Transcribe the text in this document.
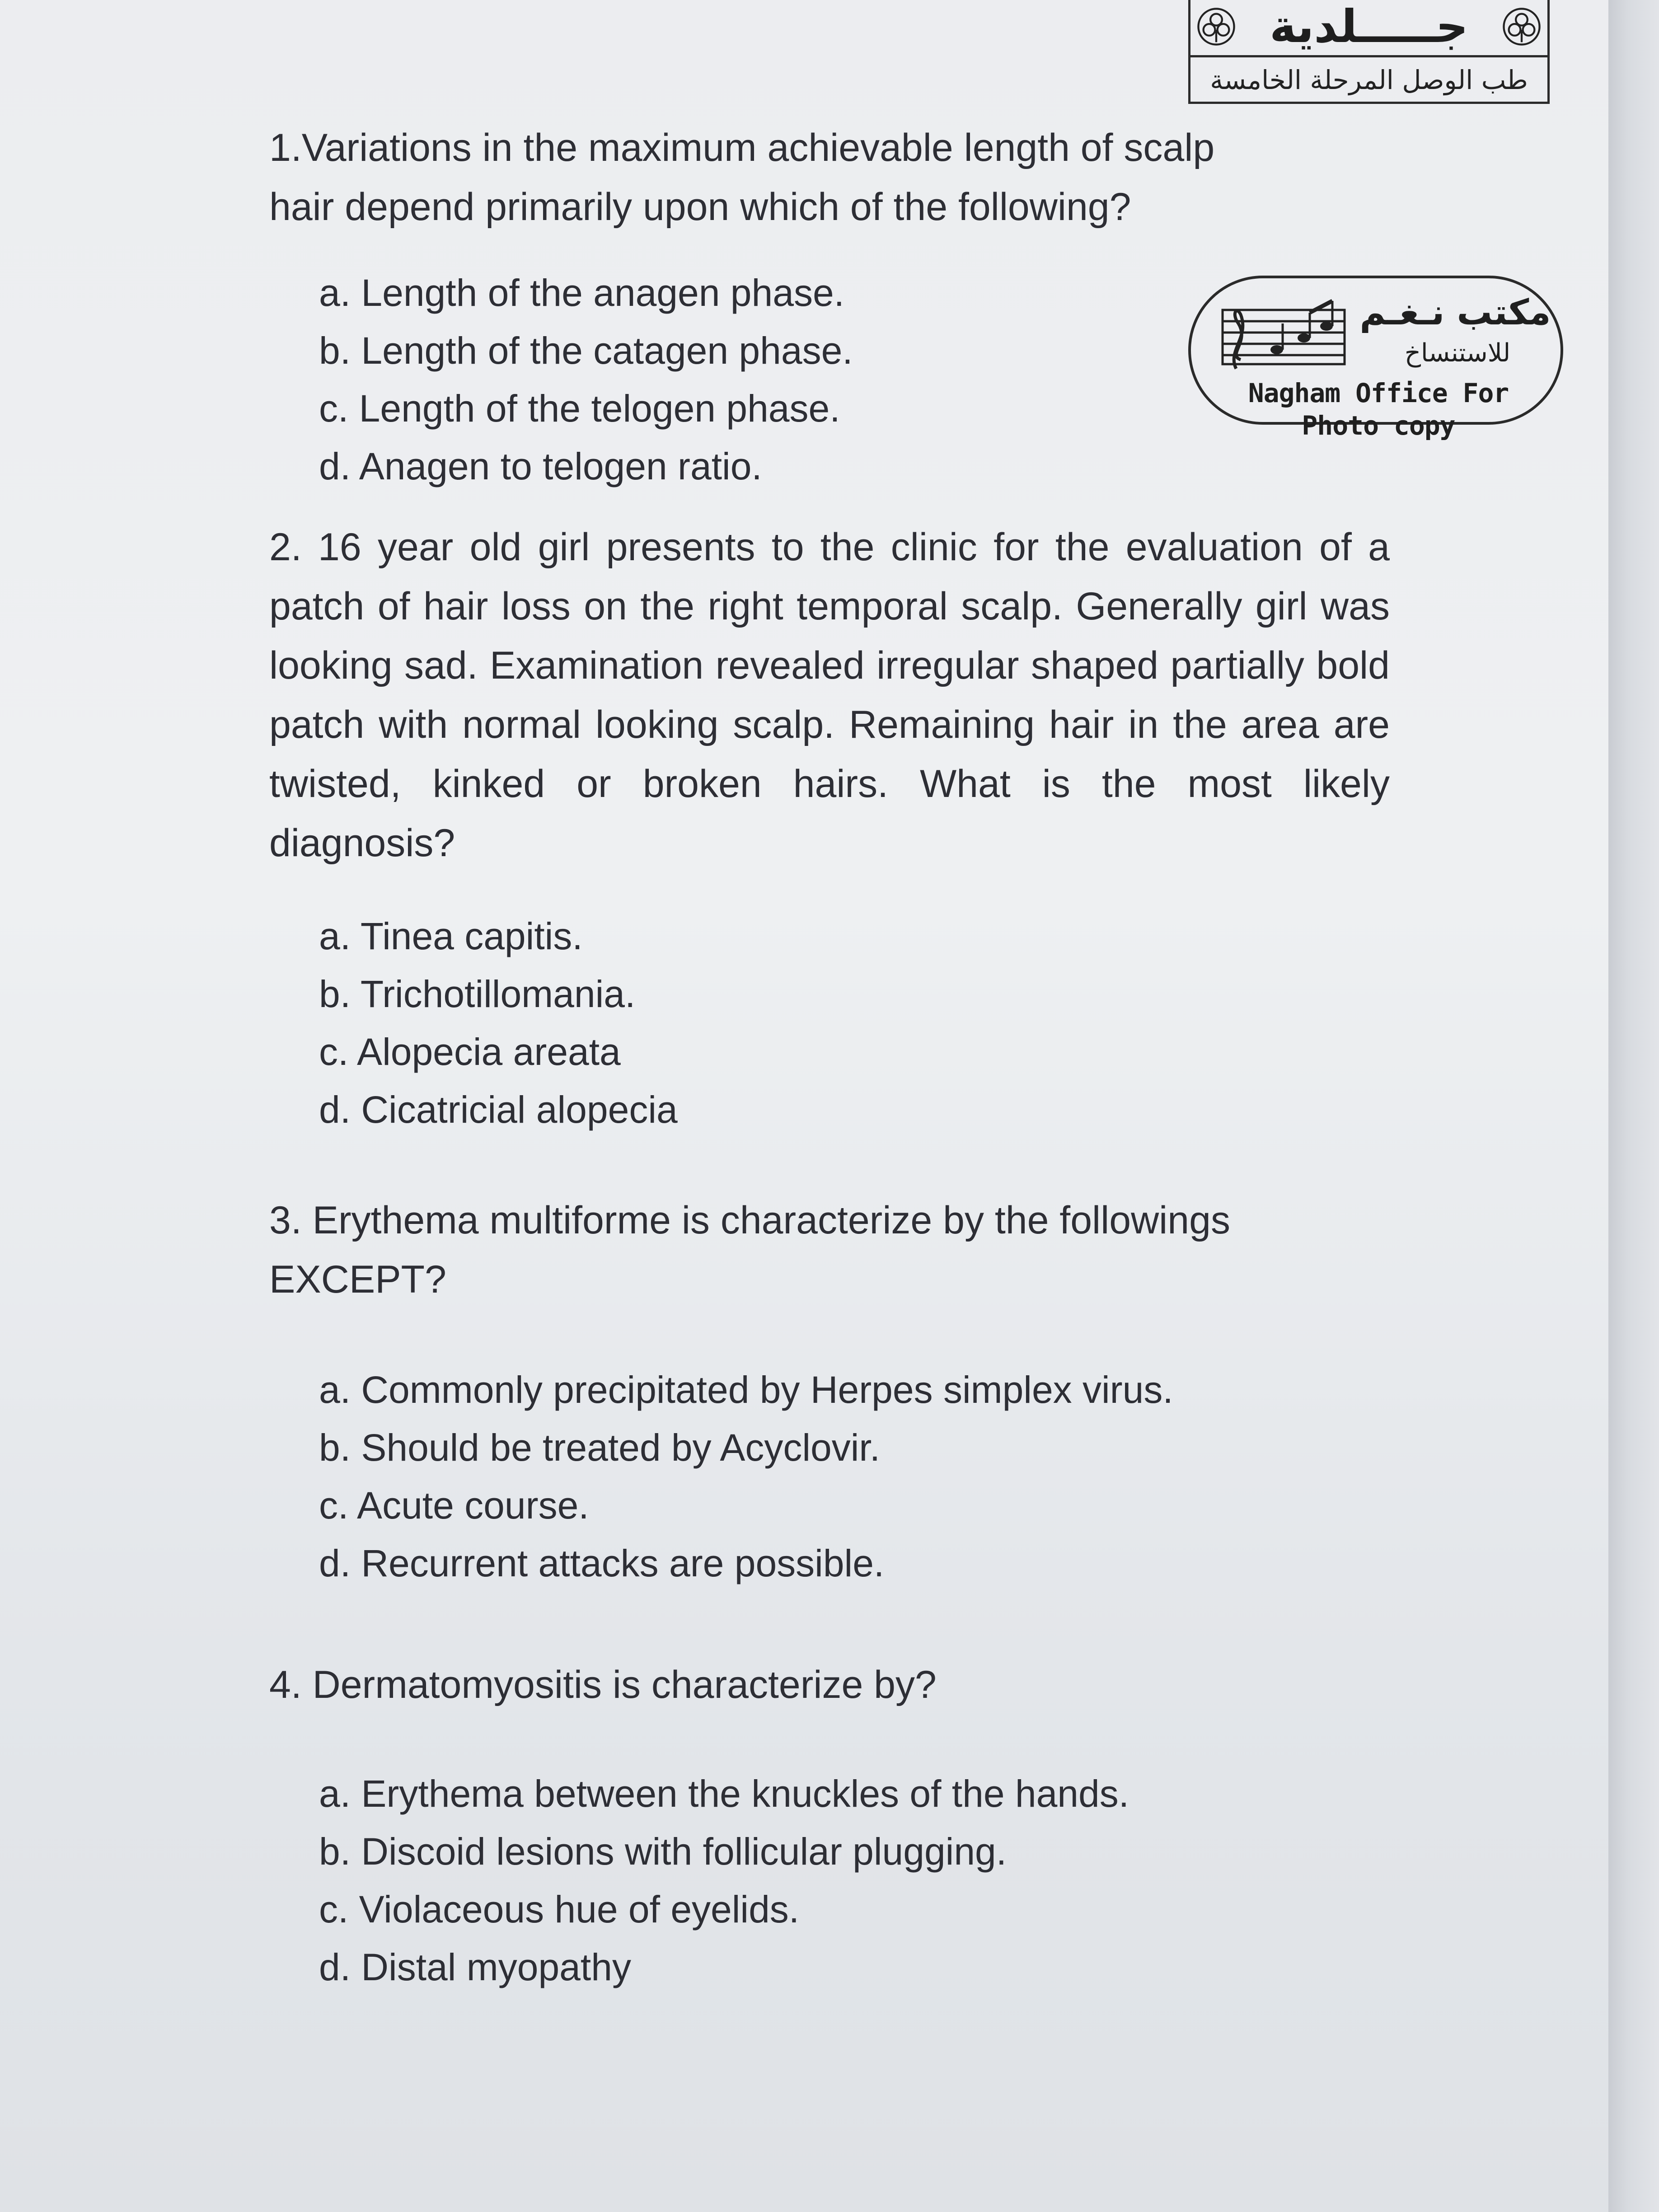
جـــــلدية
طب الوصل المرحلة الخامسة
مكتب نـغـم
للاستنساخ
Nagham Office For Photo copy
1.Variations in the maximum achievable length of scalp
hair depend primarily upon which of the following?
a. Length of the anagen phase.
b. Length of the catagen phase.
c. Length of the telogen phase.
d. Anagen to telogen ratio.
2. 16 year old girl presents to the clinic for the evaluation of a patch of hair loss on the right temporal scalp. Generally girl was looking sad. Examination revealed irregular shaped partially bold patch with normal looking scalp. Remaining hair in the area are twisted, kinked or broken hairs. What is the most likely diagnosis?
a. Tinea capitis.
b. Trichotillomania.
c. Alopecia areata
d. Cicatricial alopecia
3. Erythema multiforme is characterize by the followings
EXCEPT?
a. Commonly precipitated by Herpes simplex virus.
b. Should be treated by Acyclovir.
c. Acute course.
d. Recurrent attacks are possible.
4. Dermatomyositis is characterize by?
a. Erythema between the knuckles of the hands.
b. Discoid lesions with follicular plugging.
c. Violaceous hue of eyelids.
d. Distal myopathy
